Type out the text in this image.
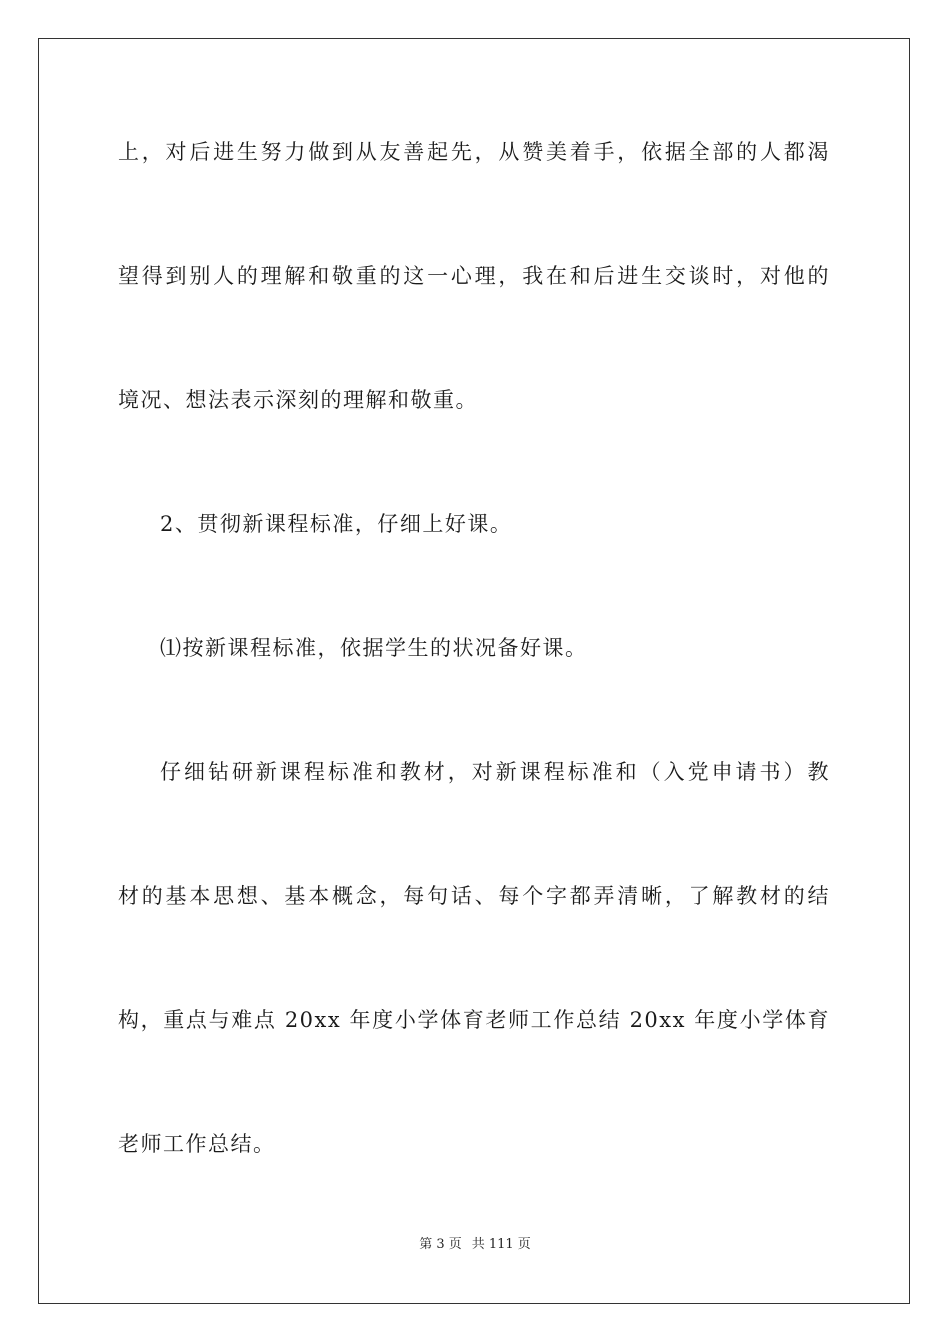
上，对后进生努力做到从友善起先，从赞美着手，依据全部的人都渴
望得到别人的理解和敬重的这一心理，我在和后进生交谈时，对他的
境况、想法表示深刻的理解和敬重。
2、贯彻新课程标准，仔细上好课。
⑴按新课程标准，依据学生的状况备好课。
仔细钻研新课程标准和教材，对新课程标准和（入党申请书）教
材的基本思想、基本概念，每句话、每个字都弄清晰，了解教材的结
构，重点与难点 20xx 年度小学体育老师工作总结 20xx 年度小学体育
老师工作总结。
第 3 页 共 111 页
